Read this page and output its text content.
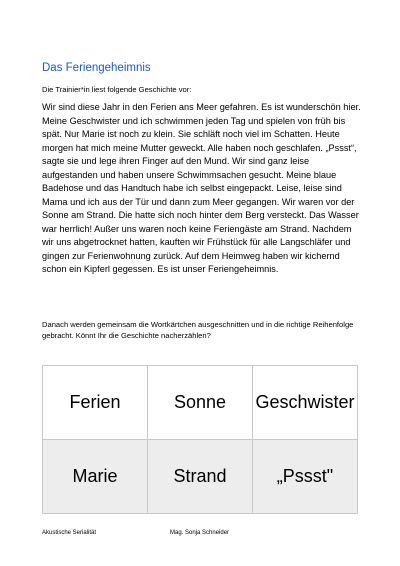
Das Feriengeheimnis
Die Trainier*in liest folgende Geschichte vor:

Wir sind diese Jahr in den Ferien ans Meer gefahren. Es ist wunderschön hier. Meine Geschwister und ich schwimmen jeden Tag und spielen von früh bis spät. Nur Marie ist noch zu klein. Sie schläft noch viel im Schatten. Heute morgen hat mich meine Mutter geweckt. Alle haben noch geschlafen. „Pssst“, sagte sie und lege ihren Finger auf den Mund. Wir sind ganz leise aufgestanden und haben unsere Schwimmsachen gesucht. Meine blaue Badehose und das Handtuch habe ich selbst eingepackt. Leise, leise sind Mama und ich aus der Tür und dann zum Meer gegangen. Wir waren vor der Sonne am Strand. Die hatte sich noch hinter dem Berg versteckt. Das Wasser war herrlich! Außer uns waren noch keine Feriengäste am Strand. Nachdem wir uns abgetrocknet hatten, kauften wir Frühstück für alle Langschläfer und gingen zur Ferienwohnung zurück. Auf dem Heimweg haben wir kichernd schon ein Kipferl gegessen. Es ist unser Feriengeheimnis.

Danach werden gemeinsam die Wortkärtchen ausgeschnitten und in die richtige Reihenfolge gebracht. Könnt Ihr die Geschichte nacherzählen?

Ferien	Sonne	Geschwister
Marie	Strand	„Pssst"
Akustische Serialität	Mag. Sonja Schneider
